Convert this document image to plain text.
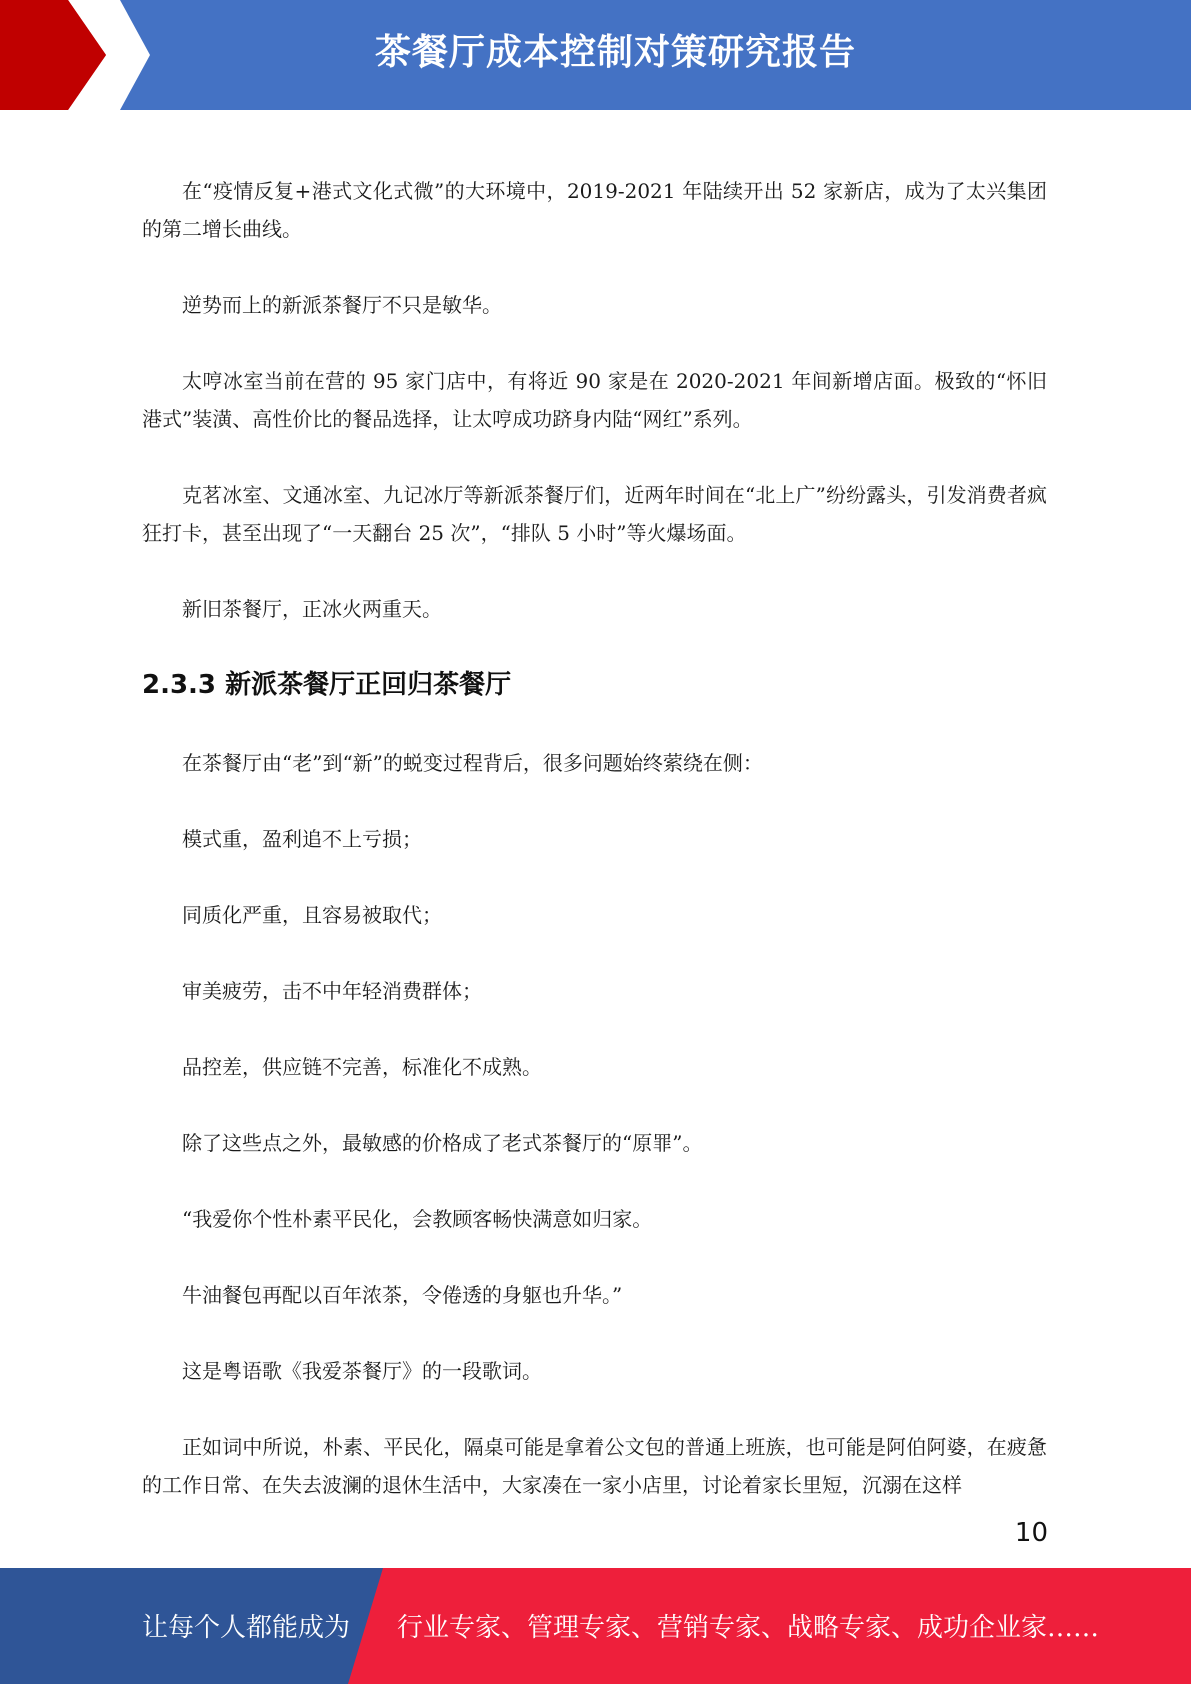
茶餐厅成本控制对策研究报告

在“疫情反复+港式文化式微”的大环境中，2019-2021 年陆续开出 52 家新店，成为了太兴集团的第二增长曲线。

逆势而上的新派茶餐厅不只是敏华。

太哼冰室当前在营的 95 家门店中，有将近 90 家是在 2020-2021 年间新增店面。极致的“怀旧港式”装潢、高性价比的餐品选择，让太哼成功跻身内陆“网红”系列。

克茗冰室、文通冰室、九记冰厅等新派茶餐厅们，近两年时间在“北上广”纷纷露头，引发消费者疯狂打卡，甚至出现了“一天翻台 25 次”，“排队 5 小时”等火爆场面。

新旧茶餐厅，正冰火两重天。

2.3.3 新派茶餐厅正回归茶餐厅

在茶餐厅由“老”到“新”的蜕变过程背后，很多问题始终萦绕在侧：

模式重，盈利追不上亏损；

同质化严重，且容易被取代；

审美疲劳，击不中年轻消费群体；

品控差，供应链不完善，标准化不成熟。

除了这些点之外，最敏感的价格成了老式茶餐厅的“原罪”。

“我爱你个性朴素平民化，会教顾客畅快满意如归家。

牛油餐包再配以百年浓茶，令倦透的身躯也升华。”

这是粤语歌《我爱茶餐厅》的一段歌词。

正如词中所说，朴素、平民化，隔桌可能是拿着公文包的普通上班族，也可能是阿伯阿婆，在疲惫的工作日常、在失去波澜的退休生活中，大家凑在一家小店里，讨论着家长里短，沉溺在这样

10
让每个人都能成为 行业专家、管理专家、营销专家、战略专家、成功企业家……
